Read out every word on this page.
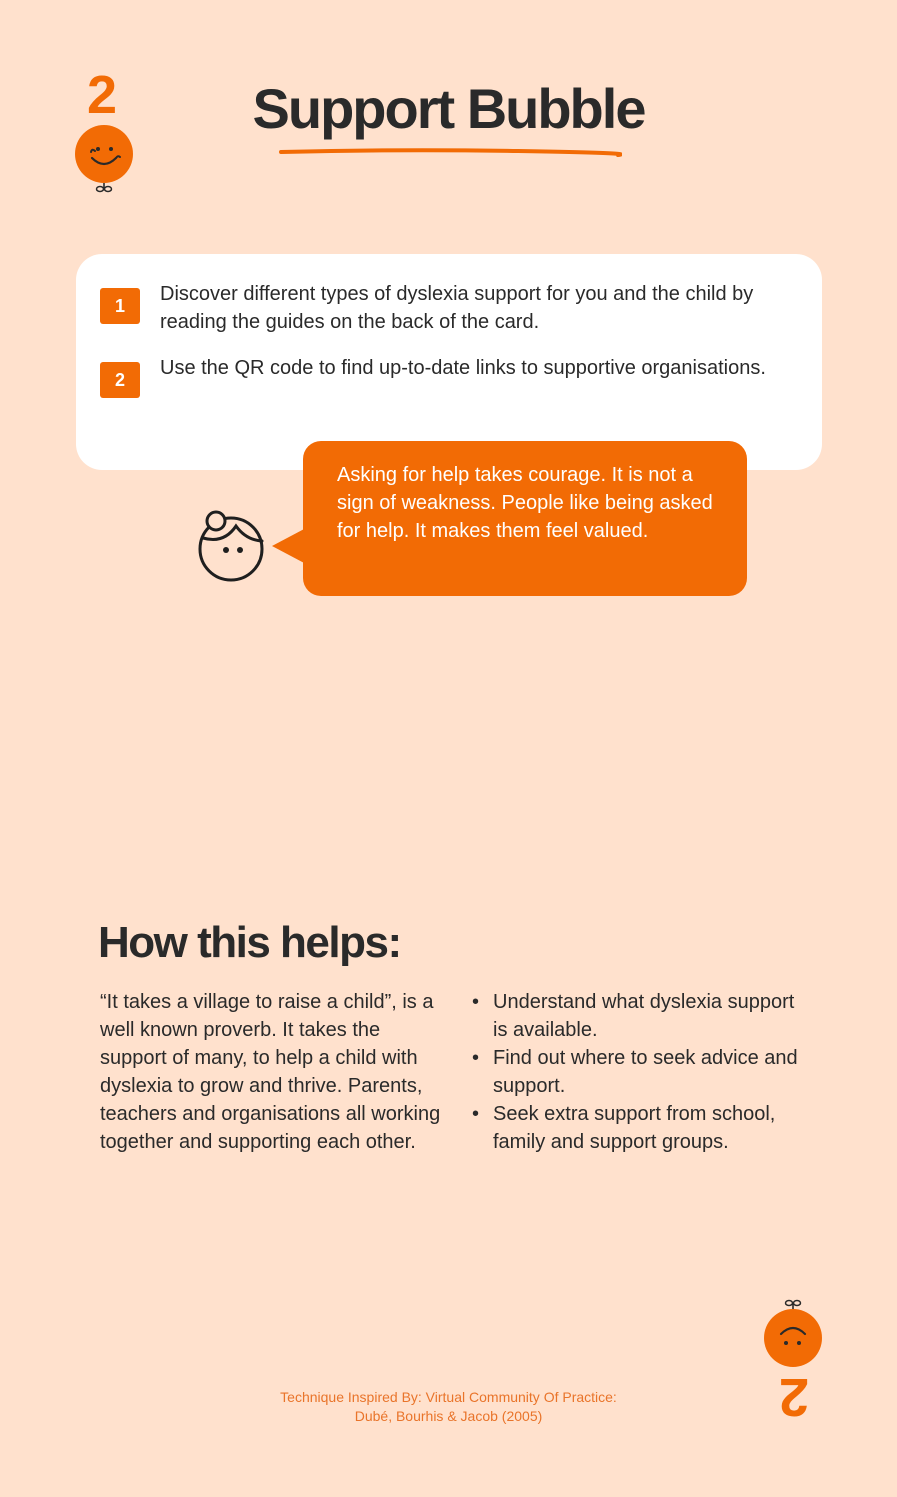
2	Support Bubble
1
Discover different types of dyslexia support for you and the child by reading the guides on the back of the card.
2
Use the QR code to find up-to-date links to supportive organisations.
Asking for help takes courage. It is not a sign of weakness. People like being asked for help. It makes them feel valued.
How this helps:
“It takes a village to raise a child”, is a well known proverb. It takes the support of many, to help a child with dyslexia to grow and thrive. Parents, teachers and organisations all working together and supporting each other.
• Understand what dyslexia support is available.
• Find out where to seek advice and support.
• Seek extra support from school, family and support groups.
Technique Inspired By: Virtual Community Of Practice:
Dubé, Bourhis & Jacob (2005)	2
